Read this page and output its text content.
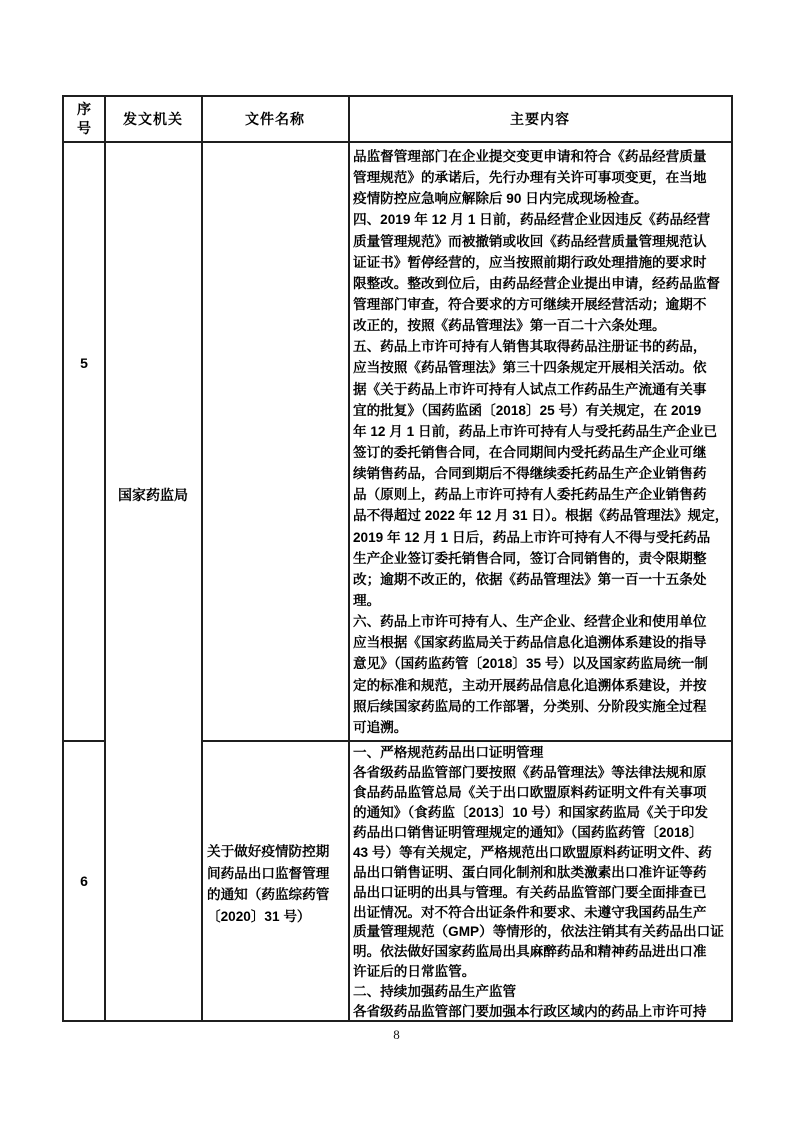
序号
发文机关	文件名称	主要内容
5
国家药监局
品监督管理部门在企业提交变更申请和符合《药品经营质量
管理规范》的承诺后，先行办理有关许可事项变更，在当地
疫情防控应急响应解除后 90 日内完成现场检查。
四、2019 年 12 月 1 日前，药品经营企业因违反《药品经营
质量管理规范》而被撤销或收回《药品经营质量管理规范认
证证书》暂停经营的，应当按照前期行政处理措施的要求时
限整改。整改到位后，由药品经营企业提出申请，经药品监督
管理部门审查，符合要求的方可继续开展经营活动；逾期不
改正的，按照《药品管理法》第一百二十六条处理。
五、药品上市许可持有人销售其取得药品注册证书的药品，
应当按照《药品管理法》第三十四条规定开展相关活动。依
据《关于药品上市许可持有人试点工作药品生产流通有关事
宜的批复》（国药监函〔2018〕25 号）有关规定，在 2019
年 12 月 1 日前，药品上市许可持有人与受托药品生产企业已
签订的委托销售合同，在合同期间内受托药品生产企业可继
续销售药品，合同到期后不得继续委托药品生产企业销售药
品（原则上，药品上市许可持有人委托药品生产企业销售药
品不得超过 2022 年 12 月 31 日）。根据《药品管理法》规定，
2019 年 12 月 1 日后，药品上市许可持有人不得与受托药品
生产企业签订委托销售合同，签订合同销售的，责令限期整
改；逾期不改正的，依据《药品管理法》第一百一十五条处
理。
六、药品上市许可持有人、生产企业、经营企业和使用单位
应当根据《国家药监局关于药品信息化追溯体系建设的指导
意见》（国药监药管〔2018〕35 号）以及国家药监局统一制
定的标准和规范，主动开展药品信息化追溯体系建设，并按
照后续国家药监局的工作部署，分类别、分阶段实施全过程
可追溯。
6
关于做好疫情防控期
间药品出口监督管理
的通知（药监综药管
〔2020〕31 号）
一、严格规范药品出口证明管理
各省级药品监管部门要按照《药品管理法》等法律法规和原
食品药品监管总局《关于出口欧盟原料药证明文件有关事项
的通知》（食药监〔2013〕10 号）和国家药监局《关于印发
药品出口销售证明管理规定的通知》（国药监药管〔2018〕
43 号）等有关规定，严格规范出口欧盟原料药证明文件、药
品出口销售证明、蛋白同化制剂和肽类激素出口准许证等药
品出口证明的出具与管理。有关药品监管部门要全面排查已
出证情况。对不符合出证条件和要求、未遵守我国药品生产
质量管理规范（GMP）等情形的，依法注销其有关药品出口证
明。依法做好国家药监局出具麻醉药品和精神药品进出口准
许证后的日常监管。
二、持续加强药品生产监管
各省级药品监管部门要加强本行政区域内的药品上市许可持
8
